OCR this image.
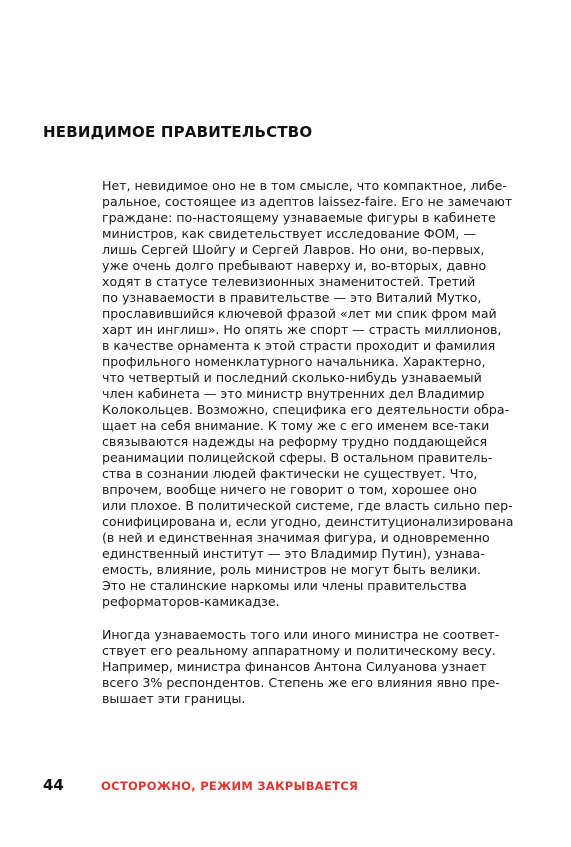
НЕВИДИМОЕ ПРАВИТЕЛЬСТВО
Нет, невидимое оно не в том смысле, что компактное, либе-
ральное, состоящее из адептов laissez-faire. Его не замечают
граждане: по-настоящему узнаваемые фигуры в кабинете
министров, как свидетельствует исследование ФОМ, —
лишь Сергей Шойгу и Сергей Лавров. Но они, во-первых,
уже очень долго пребывают наверху и, во-вторых, давно
ходят в статусе телевизионных знаменитостей. Третий
по узнаваемости в правительстве — это Виталий Мутко,
прославившийся ключевой фразой «лет ми спик фром май
харт ин инглиш». Но опять же спорт — страсть миллионов,
в качестве орнамента к этой страсти проходит и фамилия
профильного номенклатурного начальника. Характерно,
что четвертый и последний сколько-нибудь узнаваемый
член кабинета — это министр внутренних дел Владимир
Колокольцев. Возможно, специфика его деятельности обра-
щает на себя внимание. К тому же с его именем все-таки
связываются надежды на реформу трудно поддающейся
реанимации полицейской сферы. В остальном правитель-
ства в сознании людей фактически не существует. Что,
впрочем, вообще ничего не говорит о том, хорошее оно
или плохое. В политической системе, где власть сильно пер-
сонифицирована и, если угодно, деинституционализирована
(в ней и единственная значимая фигура, и одновременно
единственный институт — это Владимир Путин), узнава-
емость, влияние, роль министров не могут быть велики.
Это не сталинские наркомы или члены правительства
реформаторов-камикадзе.
Иногда узнаваемость того или иного министра не соответ-
ствует его реальному аппаратному и политическому весу.
Например, министра финансов Антона Силуанова узнает
всего 3% респондентов. Степень же его влияния явно пре-
вышает эти границы.
44	ОСТОРОЖНО, РЕЖИМ ЗАКРЫВАЕТСЯ
